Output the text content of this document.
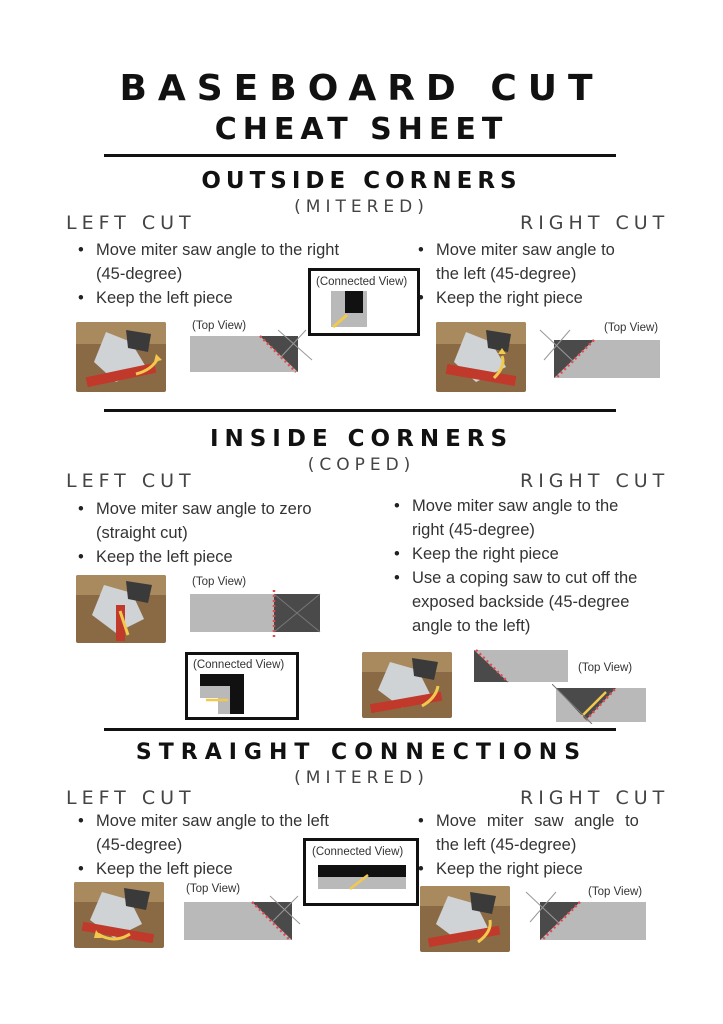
BASEBOARD CUT
CHEAT SHEET
OUTSIDE CORNERS
(MITERED)
LEFT CUT	RIGHT CUT
• Move miter saw angle to the right
(45-degree)
• Keep the left piece
• Move miter saw angle to
the left (45-degree)
• Keep the right piece
(Connected View)
(Top View)	(Top View)
INSIDE CORNERS
(COPED)
LEFT CUT	RIGHT CUT
• Move miter saw angle to zero
(straight cut)
• Keep the left piece
• Move miter saw angle to the
right (45-degree)
• Keep the right piece
• Use a coping saw to cut off the
exposed backside (45-degree
angle to the left)
(Top View)
(Connected View)	(Top View)
STRAIGHT CONNECTIONS
(MITERED)
LEFT CUT	RIGHT CUT
• Move miter saw angle to the left
(45-degree)
• Keep the left piece
• Move miter saw angle to
the left (45-degree)
• Keep the right piece
(Connected View)
(Top View)	(Top View)
